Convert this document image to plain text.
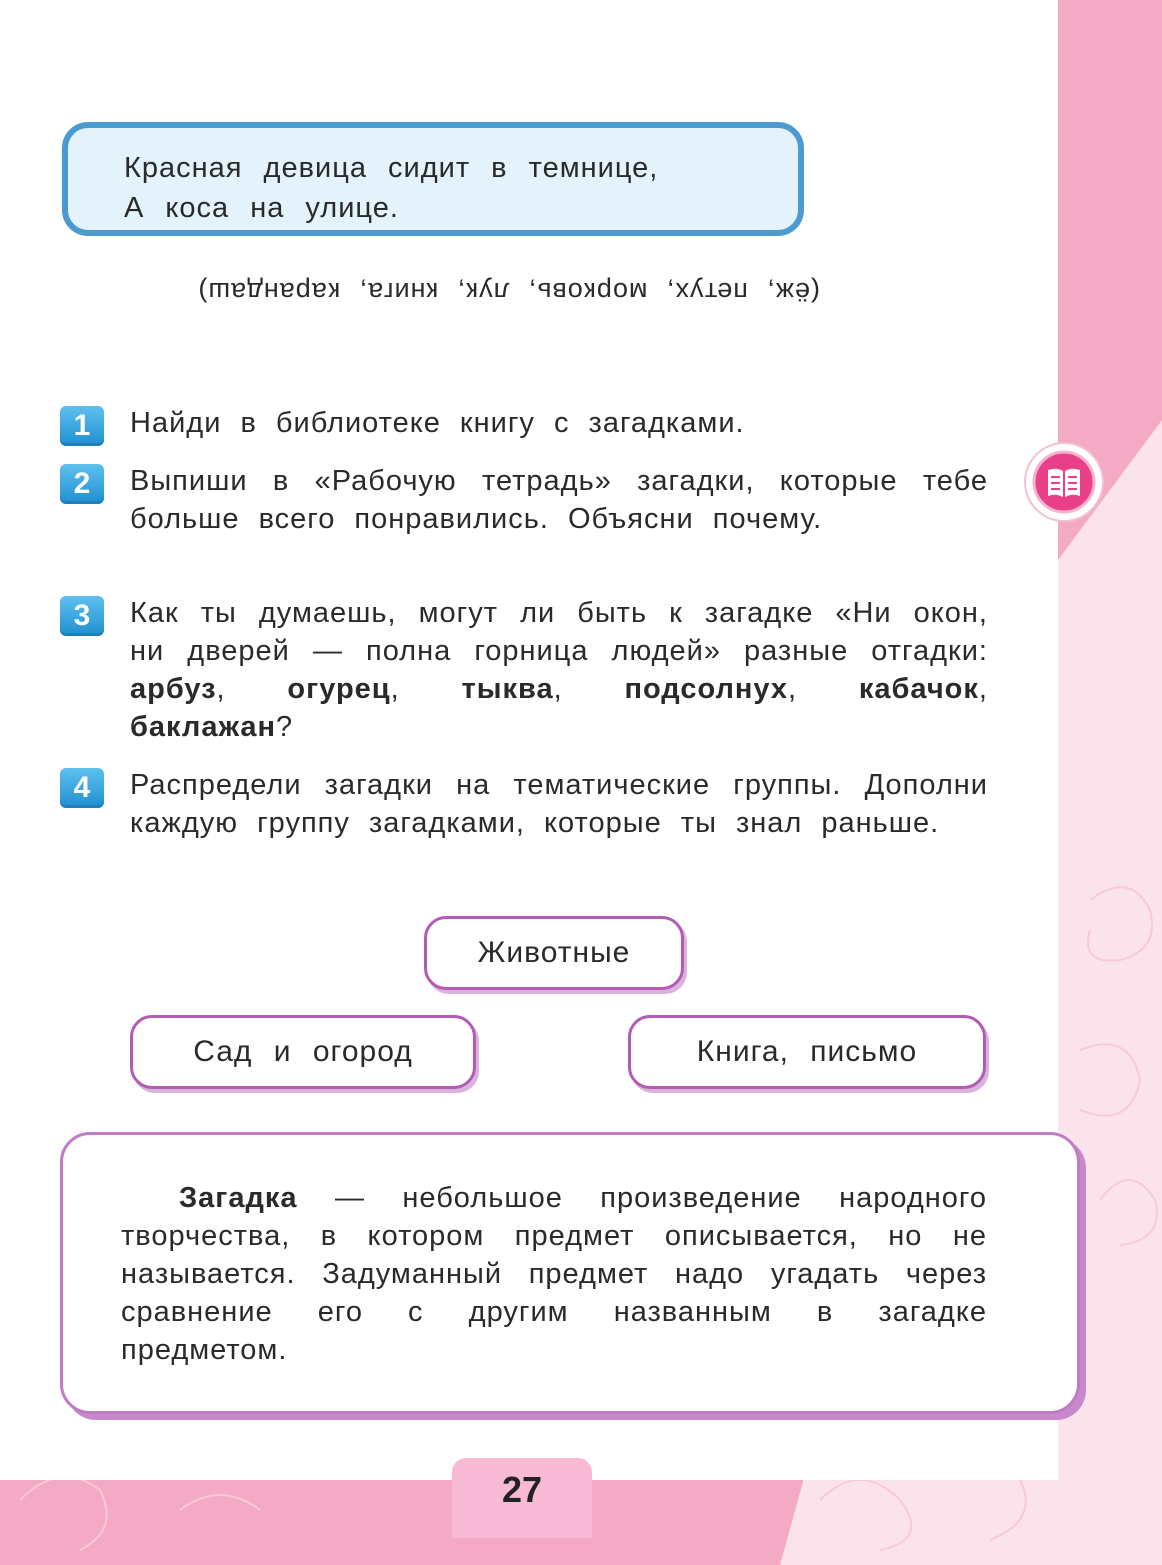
Красная девица сидит в темнице,
А коса на улице.
(ёж, петух, морковь, лук, книга, карандаш)
1	Найди в библиотеке книгу с загадками.
2	Выпиши в «Рабочую тетрадь» загадки, которые тебе больше всего понравились. Объясни почему.
3	Как ты думаешь, могут ли быть к загадке «Ни окон, ни дверей — полна горница людей» разные отгадки: арбуз, огурец, тыква, подсолнух, кабачок, баклажан?
4	Распредели загадки на тематические группы. Дополни каждую группу загадками, которые ты знал раньше.
Животные
Сад и огород	Книга, письмо
Загадка — небольшое произведение народного творчества, в котором предмет описывается, но не называется. Задуманный предмет надо угадать через сравнение его с другим названным в загадке предметом.
27
